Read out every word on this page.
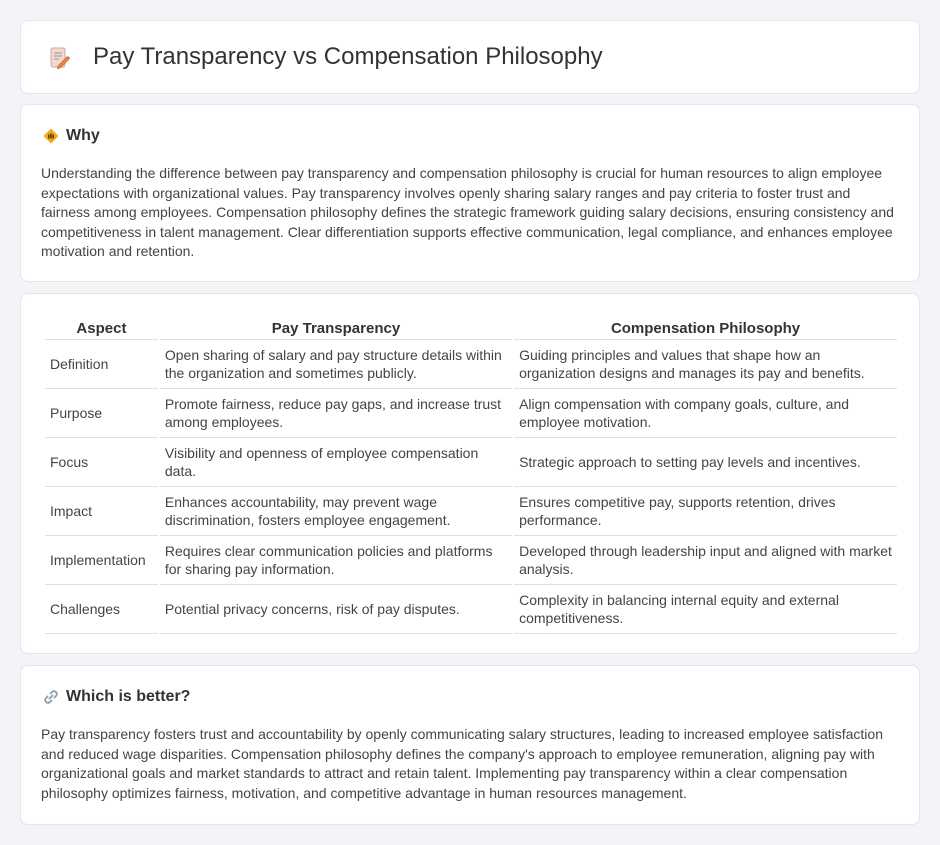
Pay Transparency vs Compensation Philosophy
Why

Understanding the difference between pay transparency and compensation philosophy is crucial for human resources to align employee expectations with organizational values. Pay transparency involves openly sharing salary ranges and pay criteria to foster trust and fairness among employees. Compensation philosophy defines the strategic framework guiding salary decisions, ensuring consistency and competitiveness in talent management. Clear differentiation supports effective communication, legal compliance, and enhances employee motivation and retention.

Aspect	Pay Transparency	Compensation Philosophy
Definition	Open sharing of salary and pay structure details within the organization and sometimes publicly.	Guiding principles and values that shape how an organization designs and manages its pay and benefits.
Purpose	Promote fairness, reduce pay gaps, and increase trust among employees.	Align compensation with company goals, culture, and employee motivation.
Focus	Visibility and openness of employee compensation data.	Strategic approach to setting pay levels and incentives.
Impact	Enhances accountability, may prevent wage discrimination, fosters employee engagement.	Ensures competitive pay, supports retention, drives performance.
Implementation	Requires clear communication policies and platforms for sharing pay information.	Developed through leadership input and aligned with market analysis.
Challenges	Potential privacy concerns, risk of pay disputes.	Complexity in balancing internal equity and external competitiveness.
Which is better?

Pay transparency fosters trust and accountability by openly communicating salary structures, leading to increased employee satisfaction and reduced wage disparities. Compensation philosophy defines the company's approach to employee remuneration, aligning pay with organizational goals and market standards to attract and retain talent. Implementing pay transparency within a clear compensation philosophy optimizes fairness, motivation, and competitive advantage in human resources management.
